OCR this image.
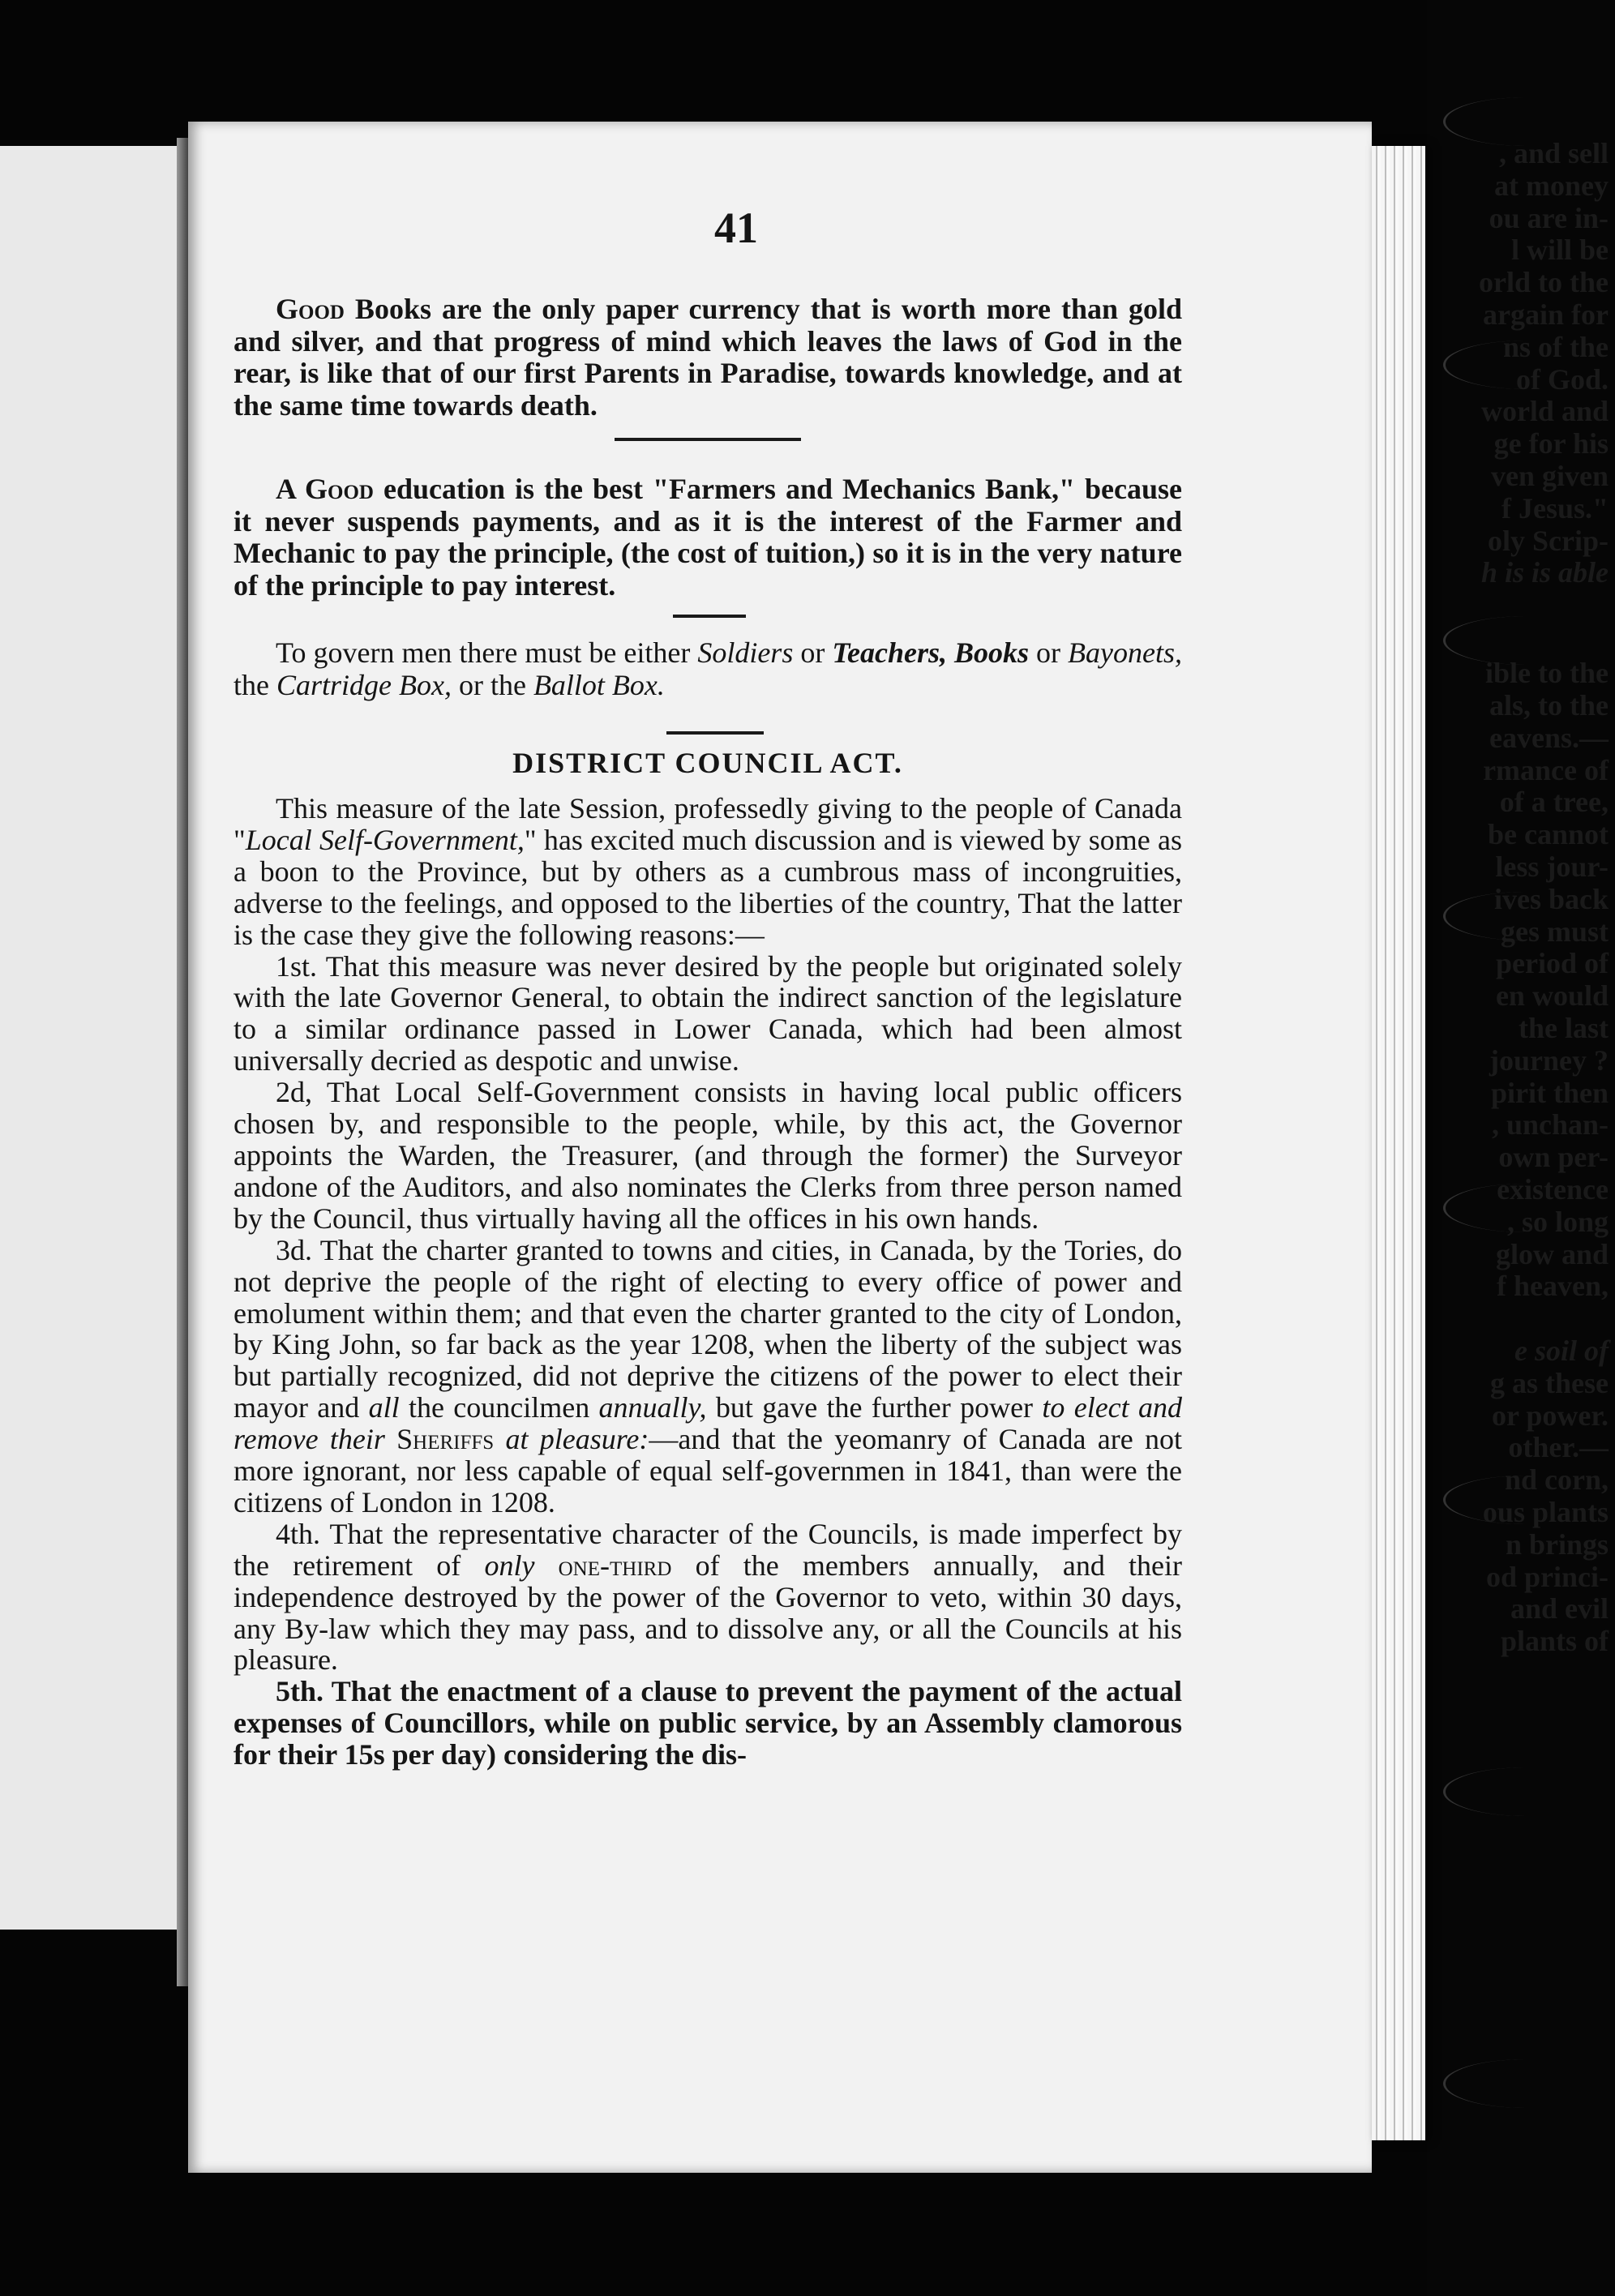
, and sell
at money
ou are in-
l will be
orld to the
argain for
ns of the
of God.
world and
ge for his
ven given
f Jesus."
oly Scrip-
h is is able
ible to the
als, to the
eavens.—
rmance of
of a tree,
be cannot
less jour-
ives back
ges must
period of
en would
the last
journey ?
pirit then
, unchan-
own per-
existence
, so long
glow and
f heaven,
e soil of
g as these
or power.
other.—
nd corn,
ous plants
n brings
od princi-
and evil
plants of
41

Good Books are the only paper currency that is worth more than gold and silver, and that progress of mind which leaves the laws of God in the rear, is like that of our first Parents in Paradise, towards knowledge, and at the same time towards death.

A Good education is the best "Farmers and Mechanics Bank," because it never suspends payments, and as it is the interest of the Farmer and Mechanic to pay the principle, (the cost of tuition,) so it is in the very nature of the principle to pay interest.

To govern men there must be either Soldiers or Teachers, Books or Bayonets, the Cartridge Box, or the Ballot Box.

DISTRICT COUNCIL ACT.

This measure of the late Session, professedly giving to the people of Canada "Local Self-Government," has excited much discussion and is viewed by some as a boon to the Province, but by others as a cumbrous mass of incongruities, adverse to the feelings, and opposed to the liberties of the country, That the latter is the case they give the following reasons:—

1st. That this measure was never desired by the people but originated solely with the late Governor General, to obtain the indirect sanction of the legislature to a similar ordinance passed in Lower Canada, which had been almost universally decried as despotic and unwise.

2d, That Local Self-Government consists in having local public officers chosen by, and responsible to the people, while, by this act, the Governor appoints the Warden, the Treasurer, (and through the former) the Surveyor andone of the Auditors, and also nominates the Clerks from three person named by the Council, thus virtually having all the offices in his own hands.

3d. That the charter granted to towns and cities, in Canada, by the Tories, do not deprive the people of the right of electing to every office of power and emolument within them; and that even the charter granted to the city of London, by King John, so far back as the year 1208, when the liberty of the subject was but partially recognized, did not deprive the citizens of the power to elect their mayor and all the councilmen annually, but gave the further power to elect and remove their Sheriffs at pleasure:—and that the yeomanry of Canada are not more ignorant, nor less capable of equal self-governmen in 1841, than were the citizens of London in 1208.

4th. That the representative character of the Councils, is made imperfect by the retirement of only one-third of the members annually, and their independence destroyed by the power of the Governor to veto, within 30 days, any By-law which they may pass, and to dissolve any, or all the Councils at his pleasure.

5th. That the enactment of a clause to prevent the payment of the actual expenses of Councillors, while on public service, by an Assembly clamorous for their 15s per day) considering the dis-
